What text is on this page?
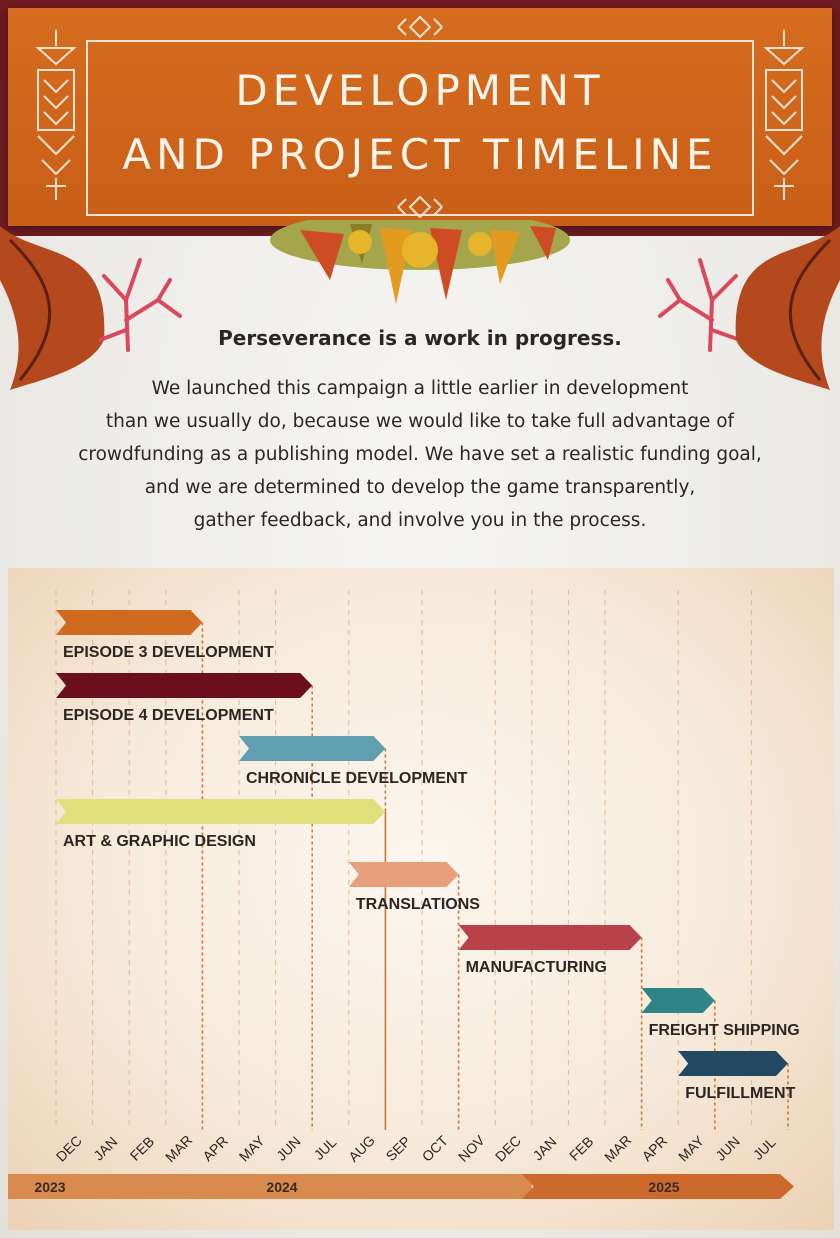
DEVELOPMENT
AND PROJECT TIMELINE
Perseverance is a work in progress.
We launched this campaign a little earlier in development
than we usually do, because we would like to take full advantage of
crowdfunding as a publishing model. We have set a realistic funding goal,
and we are determined to develop the game transparently,
gather feedback, and involve you in the process.
EPISODE 3 DEVELOPMENT
EPISODE 4 DEVELOPMENT
CHRONICLE DEVELOPMENT
ART & GRAPHIC DESIGN
TRANSLATIONS
MANUFACTURING
FREIGHT SHIPPING
FULFILLMENT
DEC JAN FEB MAR APR MAY JUN JUL AUG SEP OCT NOV DEC JAN FEB MAR APR MAY JUN JUL
2023	2024	2025
